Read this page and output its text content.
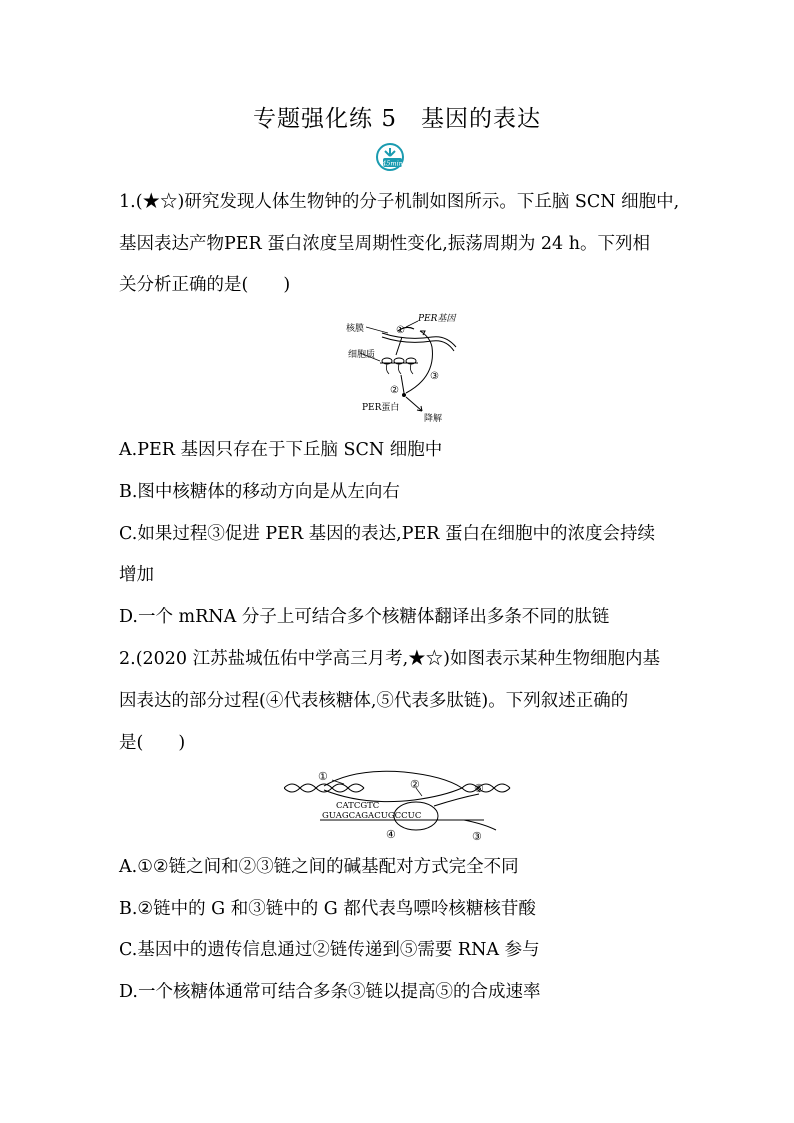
专题强化练 5　基因的表达
45min
1.(★☆)研究发现人体生物钟的分子机制如图所示。下丘脑 SCN 细胞中,
基因表达产物PER 蛋白浓度呈周期性变化,振荡周期为 24 h。下列相
关分析正确的是(　　)
PER基因
核膜	①
细胞质
②
③
PER蛋白
降解
A.PER 基因只存在于下丘脑 SCN 细胞中
B.图中核糖体的移动方向是从左向右
C.如果过程③促进 PER 基因的表达,PER 蛋白在细胞中的浓度会持续
增加
D.一个 mRNA 分子上可结合多个核糖体翻译出多条不同的肽链
2.(2020 江苏盐城伍佑中学高三月考,★☆)如图表示某种生物细胞内基
因表达的部分过程(④代表核糖体,⑤代表多肽链)。下列叙述正确的
是(　　)
①
②	⑤
CATCGTC
GUAGCAGACUGCCUC
④	③
A.①②链之间和②③链之间的碱基配对方式完全不同
B.②链中的 G 和③链中的 G 都代表鸟嘌呤核糖核苷酸
C.基因中的遗传信息通过②链传递到⑤需要 RNA 参与
D.一个核糖体通常可结合多条③链以提高⑤的合成速率
